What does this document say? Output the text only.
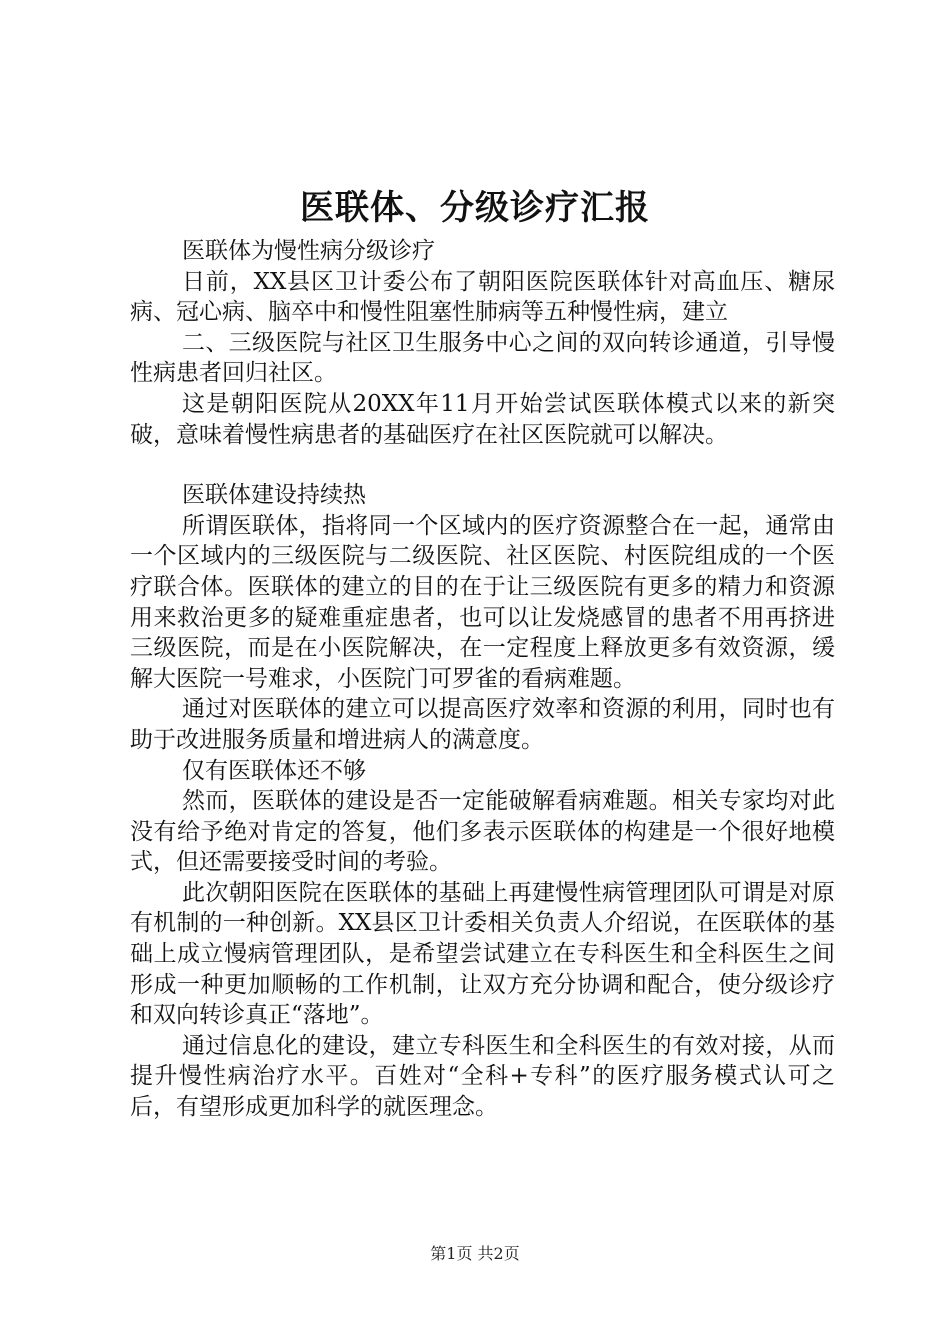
医联体、分级诊疗汇报

医联体为慢性病分级诊疗

日前，XX县区卫计委公布了朝阳医院医联体针对高血压、糖尿病、冠心病、脑卒中和慢性阻塞性肺病等五种慢性病，建立

二、三级医院与社区卫生服务中心之间的双向转诊通道，引导慢性病患者回归社区。

这是朝阳医院从20XX年11月开始尝试医联体模式以来的新突破，意味着慢性病患者的基础医疗在社区医院就可以解决。

医联体建设持续热

所谓医联体，指将同一个区域内的医疗资源整合在一起，通常由一个区域内的三级医院与二级医院、社区医院、村医院组成的一个医疗联合体。医联体的建立的目的在于让三级医院有更多的精力和资源用来救治更多的疑难重症患者，也可以让发烧感冒的患者不用再挤进三级医院，而是在小医院解决，在一定程度上释放更多有效资源，缓解大医院一号难求，小医院门可罗雀的看病难题。

通过对医联体的建立可以提高医疗效率和资源的利用，同时也有助于改进服务质量和增进病人的满意度。

仅有医联体还不够

然而，医联体的建设是否一定能破解看病难题。相关专家均对此没有给予绝对肯定的答复，他们多表示医联体的构建是一个很好地模式，但还需要接受时间的考验。

此次朝阳医院在医联体的基础上再建慢性病管理团队可谓是对原有机制的一种创新。XX县区卫计委相关负责人介绍说，在医联体的基础上成立慢病管理团队，是希望尝试建立在专科医生和全科医生之间形成一种更加顺畅的工作机制，让双方充分协调和配合，使分级诊疗和双向转诊真正“落地”。

通过信息化的建设，建立专科医生和全科医生的有效对接，从而提升慢性病治疗水平。百姓对“全科+专科”的医疗服务模式认可之后，有望形成更加科学的就医理念。

第1页 共2页
